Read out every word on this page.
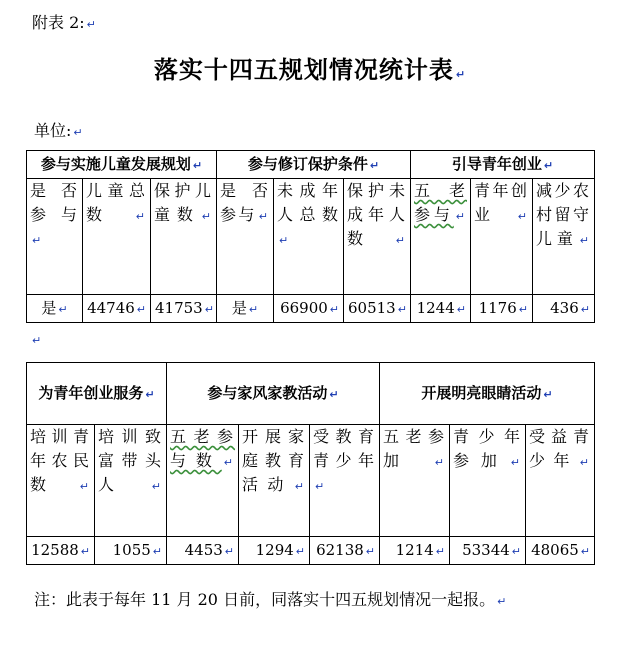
附表 2: ↵
落实十四五规划情况统计表 ↵
单位: ↵
参与实施儿童发展规划 ↵			参与修订保护条件 ↵			引导青年创业 ↵		
是否参与↵	儿童总数 ↵	保护儿童数 ↵	是否参与 ↵	未成年人总数↵	保护未成年人数 ↵	五老参与 ↵	青年创业 ↵	减少农村留守儿童 ↵
是 ↵	44746 ↵	41753 ↵	是 ↵	66900 ↵	60513 ↵	1244 ↵	1176 ↵	436 ↵
↵
为青年创业服务 ↵		参与家风家教活动 ↵			开展明亮眼睛活动 ↵		
培训青年农民数 ↵	培训致富带头人 ↵	五老参与数 ↵	开展家庭教育活动 ↵	受教育青少年↵	五老参加 ↵	青少年参加 ↵	受益青少年 ↵
12588 ↵	1055 ↵	4453 ↵	1294 ↵	62138 ↵	1214 ↵	53344 ↵	48065 ↵
注：此表于每年 11 月 20 日前，同落实十四五规划情况一起报。 ↵
